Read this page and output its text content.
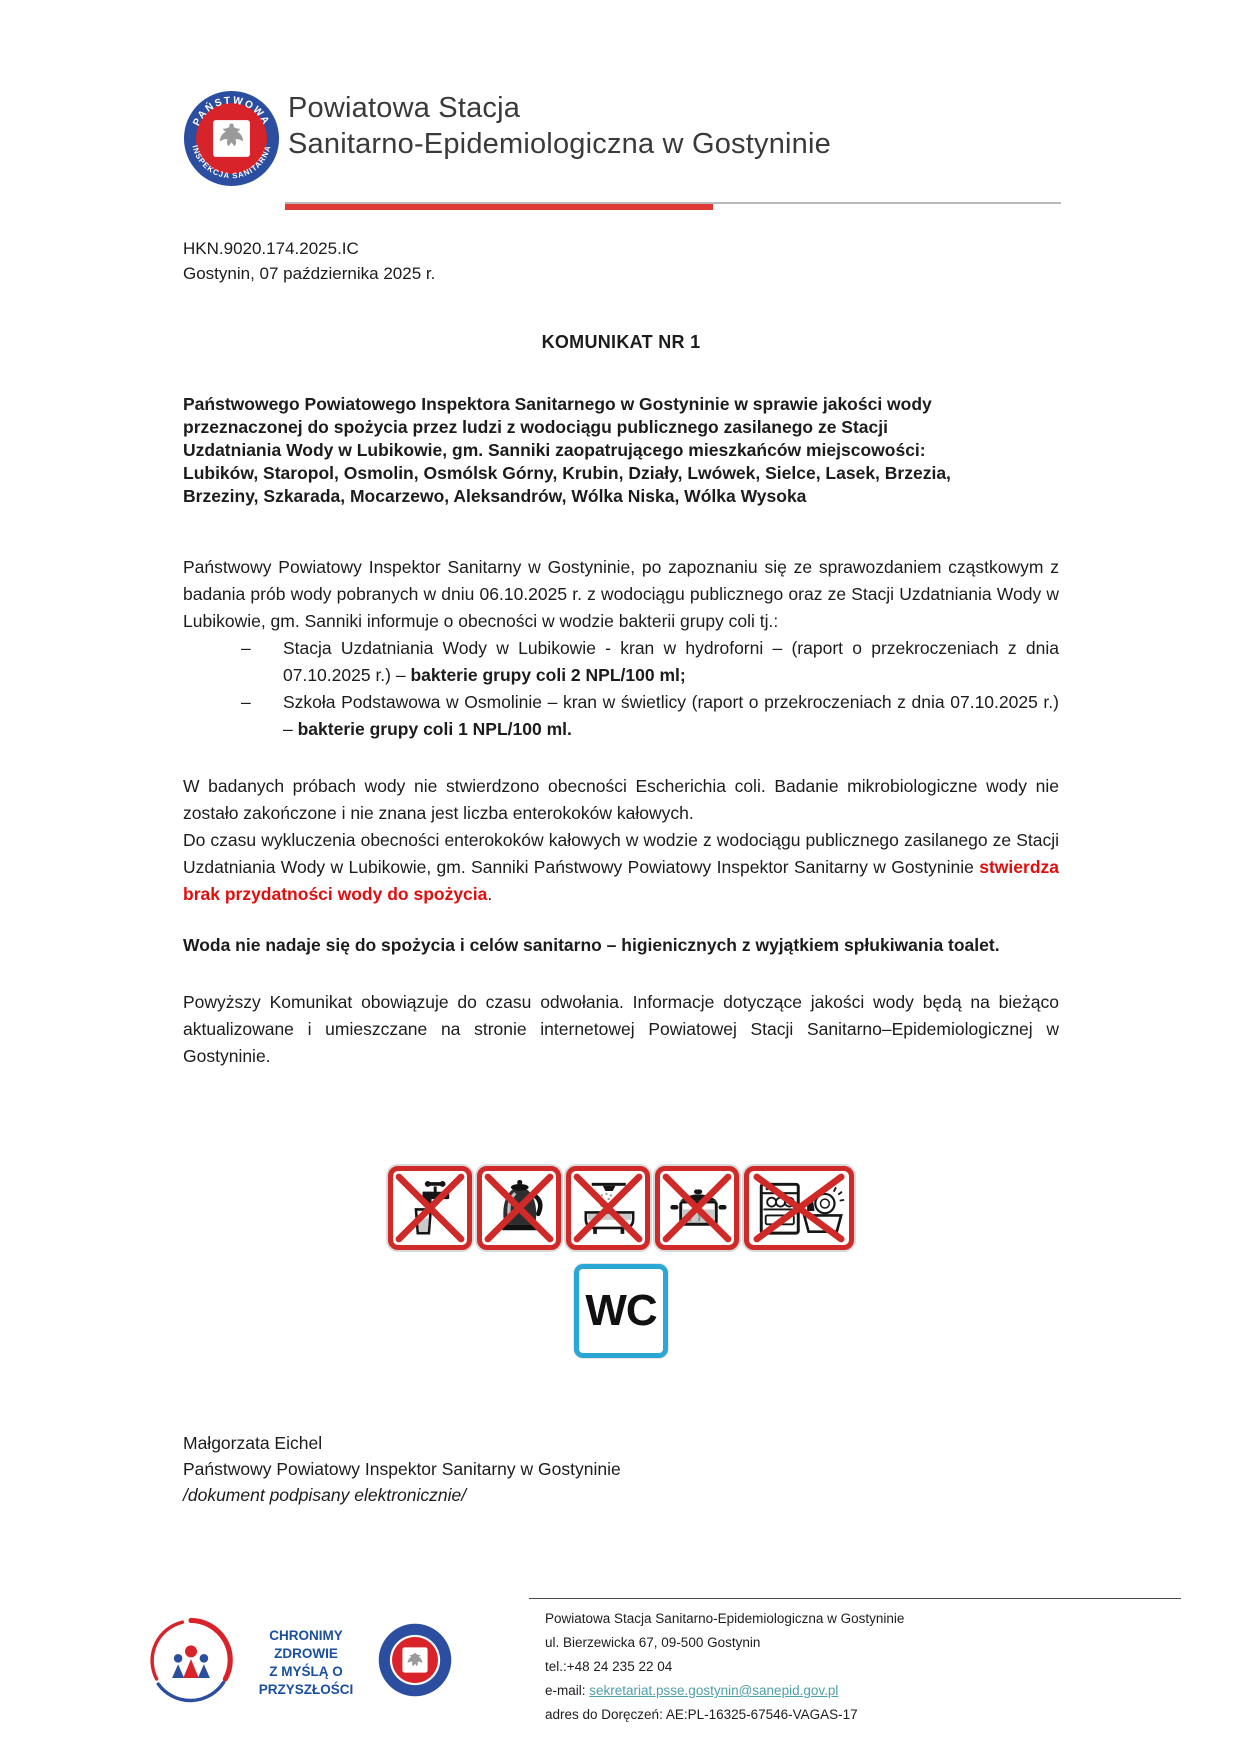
PAŃSTWOWA
INSPEKCJA SANITARNA
Powiatowa Stacja
Sanitarno-Epidemiologiczna w Gostyninie
HKN.9020.174.2025.IC
Gostynin, 07 października 2025 r.
KOMUNIKAT NR 1

Państwowego Powiatowego Inspektora Sanitarnego w Gostyninie w sprawie jakości wody przeznaczonej do spożycia przez ludzi z wodociągu publicznego zasilanego ze Stacji Uzdatniania Wody w Lubikowie, gm. Sanniki zaopatrującego mieszkańców miejscowości: Lubików, Staropol, Osmolin, Osmólsk Górny, Krubin, Działy, Lwówek, Sielce, Lasek, Brzezia, Brzeziny, Szkarada, Mocarzewo, Aleksandrów, Wólka Niska, Wólka Wysoka

Państwowy Powiatowy Inspektor Sanitarny w Gostyninie, po zapoznaniu się ze sprawozdaniem cząstkowym z badania prób wody pobranych w dniu 06.10.2025 r. z wodociągu publicznego oraz ze Stacji Uzdatniania Wody w Lubikowie, gm. Sanniki informuje o obecności w wodzie bakterii grupy coli tj.:

– Stacja Uzdatniania Wody w Lubikowie - kran w hydroforni – (raport o przekroczeniach z dnia 07.10.2025 r.) – bakterie grupy coli 2 NPL/100 ml;
– Szkoła Podstawowa w Osmolinie – kran w świetlicy (raport o przekroczeniach z dnia 07.10.2025 r.) – bakterie grupy coli 1 NPL/100 ml.

W badanych próbach wody nie stwierdzono obecności Escherichia coli. Badanie mikrobiologiczne wody nie zostało zakończone i nie znana jest liczba enterokoków kałowych.

Do czasu wykluczenia obecności enterokoków kałowych w wodzie z wodociągu publicznego zasilanego ze Stacji Uzdatniania Wody w Lubikowie, gm. Sanniki Państwowy Powiatowy Inspektor Sanitarny w Gostyninie stwierdza brak przydatności wody do spożycia.

Woda nie nadaje się do spożycia i celów sanitarno – higienicznych z wyjątkiem spłukiwania toalet.

Powyższy Komunikat obowiązuje do czasu odwołania. Informacje dotyczące jakości wody będą na bieżąco aktualizowane i umieszczane na stronie internetowej Powiatowej Stacji Sanitarno–Epidemiologicznej w Gostyninie.

WC
Małgorzata Eichel
Państwowy Powiatowy Inspektor Sanitarny w Gostyninie
/dokument podpisany elektronicznie/
CHRONIMY ZDROWIE
Z MYŚLĄ O PRZYSZŁOŚCI
Powiatowa Stacja Sanitarno-Epidemiologiczna w Gostyninie
ul. Bierzewicka 67, 09-500 Gostynin
tel.:+48 24 235 22 04
e-mail: sekretariat.psse.gostynin@sanepid.gov.pl
adres do Doręczeń: AE:PL-16325-67546-VAGAS-17
